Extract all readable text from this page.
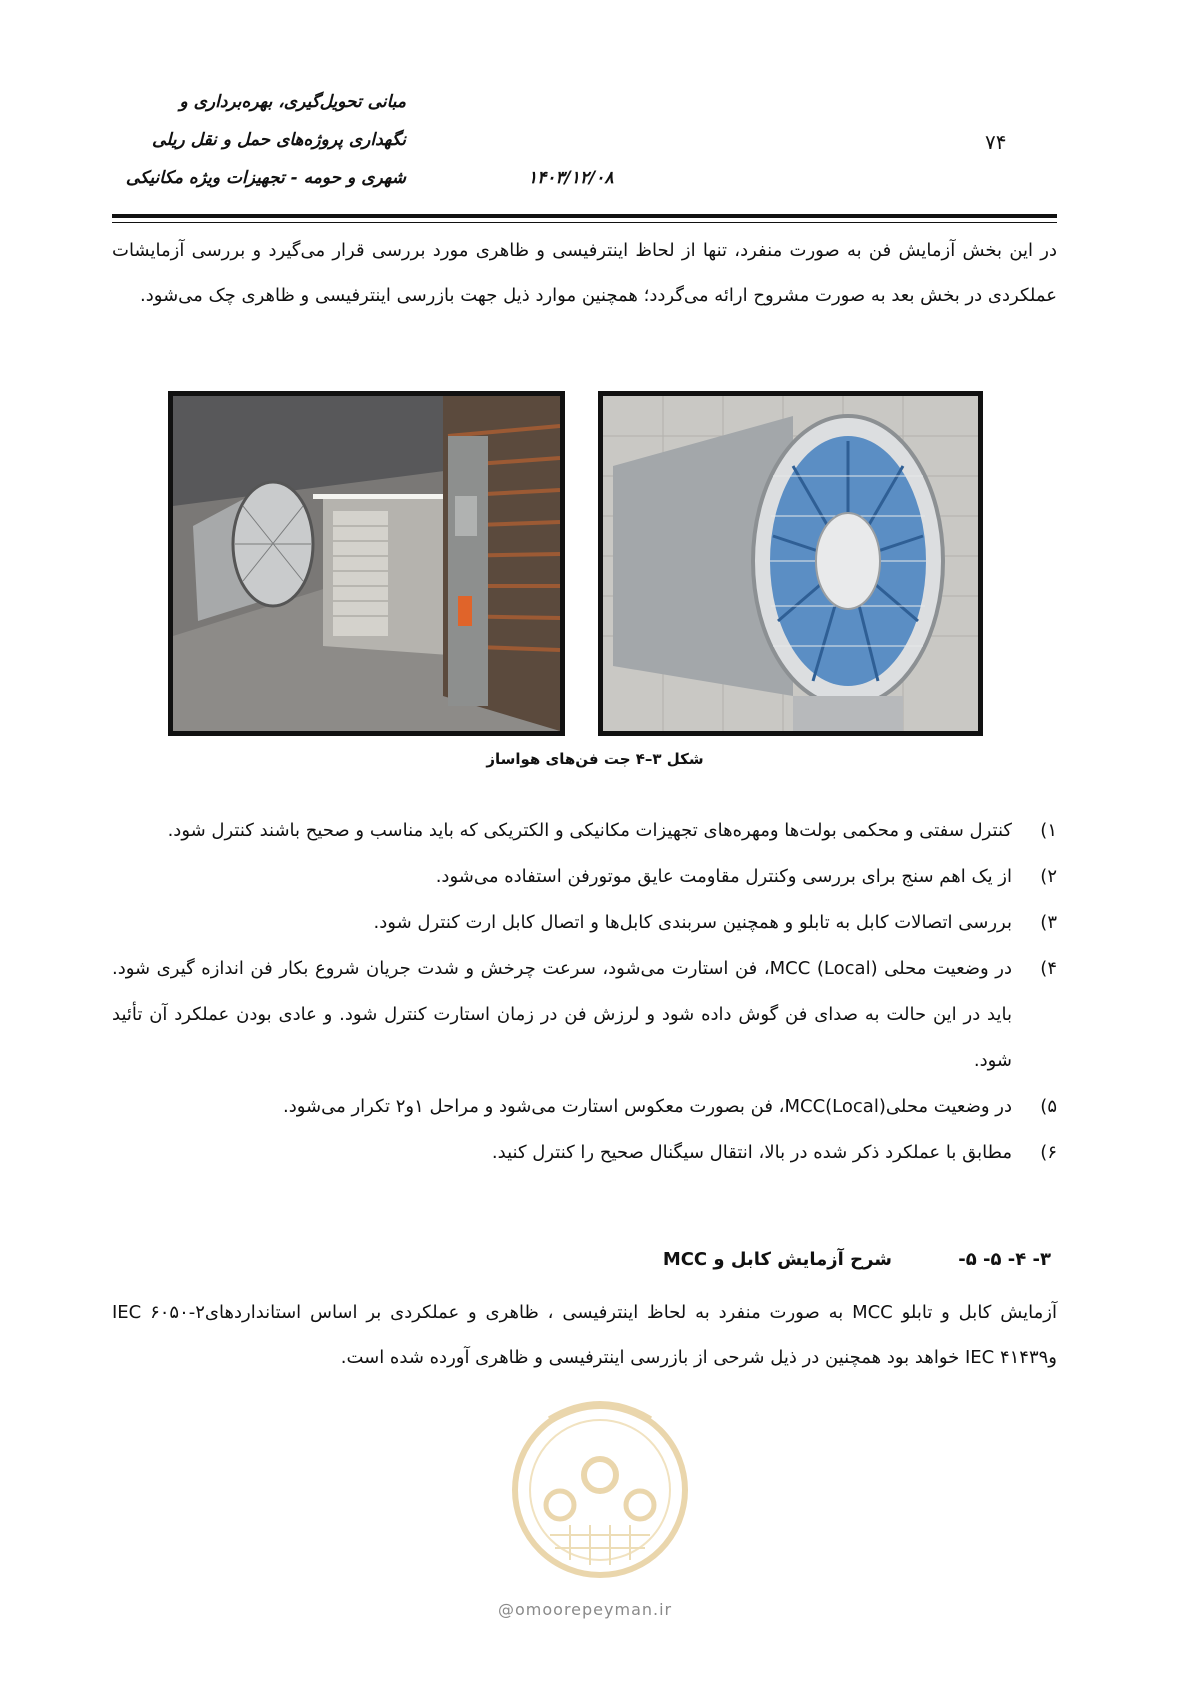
مبانی تحویل‌گیری، بهره‌برداری و
نگهداری پروژه‌های حمل و نقل ریلی
شهری و حومه - تجهیزات ویژه مکانیکی	۱۴۰۳/۱۲/۰۸
۷۴
در این بخش آزمایش فن به صورت منفرد، تنها از لحاظ اینترفیسی و ظاهری مورد بررسی قرار می‌گیرد و بررسی آزمایشات عملکردی در بخش بعد به صورت مشروح ارائه می‌گردد؛ همچنین موارد ذیل جهت بازرسی اینترفیسی و ظاهری چک می‌شود.
شکل ۳–۴ جت فن‌های هواساز
۱)
کنترل سفتی و محکمی بولت‌ها ومهره‌های تجهیزات مکانیکی و الکتریکی که باید مناسب و صحیح باشند کنترل شود.
۲)
از یک اهم سنج برای بررسی وکنترل مقاومت عایق موتورفن استفاده می‌شود.
۳)
بررسی اتصالات کابل به تابلو و همچنین سربندی کابل‌ها و اتصال کابل ارت کنترل شود.
۴)
در وضعیت محلی (MCC (Local، فن استارت می‌شود، سرعت چرخش و شدت جریان شروع بکار فن اندازه گیری شود. باید در این حالت به صدای فن گوش داده شود و لرزش فن در زمان استارت کنترل شود. و عادی بودن عملکرد آن تأئید شود.
۵)
در وضعیت محلی(MCC(Local، فن بصورت معکوس استارت می‌شود و مراحل ۱و۲ تکرار می‌شود.
۶)
مطابق با عملکرد ذکر شده در بالا، انتقال سیگنال صحیح را کنترل کنید.
۳- ۴- ۵- ۵- شرح آزمایش کابل و MCC
آزمایش کابل و تابلو MCC به صورت منفرد به لحاظ اینترفیسی ، ظاهری و عملکردی بر اساس استانداردهای۲-۶۰۵۰ IEC و۴۱۴۳۹ IEC خواهد بود همچنین در ذیل شرحی از بازرسی اینترفیسی و ظاهری آورده شده است.
@omoorepeyman.ir
